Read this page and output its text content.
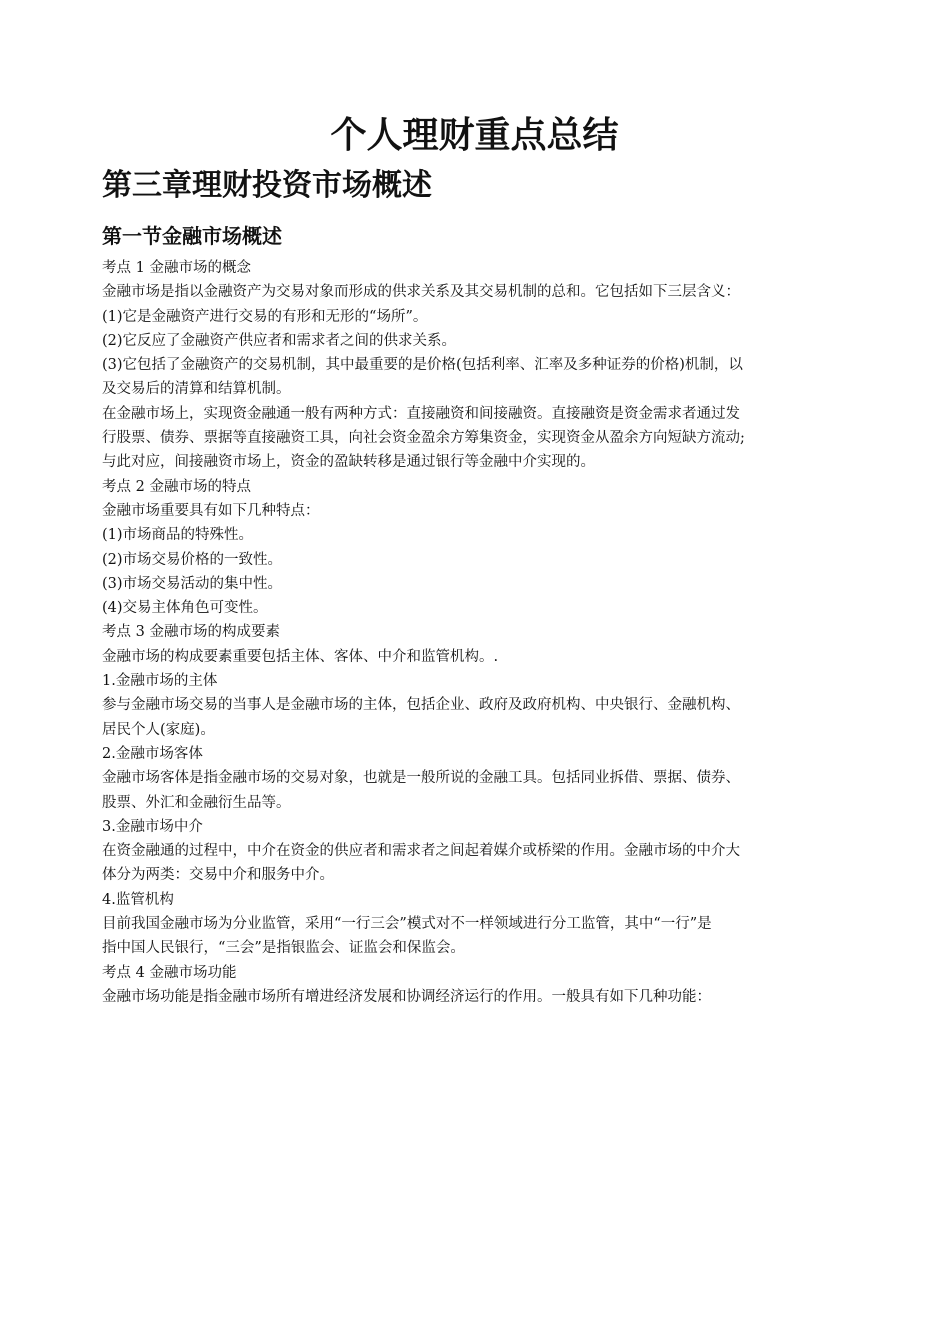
个人理财重点总结
第三章理财投资市场概述
第一节金融市场概述

考点 1 金融市场的概念

金融市场是指以金融资产为交易对象而形成的供求关系及其交易机制的总和。它包括如下三层含义：

(1)它是金融资产进行交易的有形和无形的“场所”。

(2)它反应了金融资产供应者和需求者之间的供求关系。

(3)它包括了金融资产的交易机制，其中最重要的是价格(包括利率、汇率及多种证券的价格)机制，以

及交易后的清算和结算机制。

在金融市场上，实现资金融通一般有两种方式：直接融资和间接融资。直接融资是资金需求者通过发

行股票、债券、票据等直接融资工具，向社会资金盈余方筹集资金，实现资金从盈余方向短缺方流动;

与此对应，间接融资市场上，资金的盈缺转移是通过银行等金融中介实现的。

考点 2 金融市场的特点

金融市场重要具有如下几种特点：

(1)市场商品的特殊性。

(2)市场交易价格的一致性。

(3)市场交易活动的集中性。

(4)交易主体角色可变性。

考点 3 金融市场的构成要素

金融市场的构成要素重要包括主体、客体、中介和监管机构。.

1.金融市场的主体

参与金融市场交易的当事人是金融市场的主体，包括企业、政府及政府机构、中央银行、金融机构、

居民个人(家庭)。

2.金融市场客体

金融市场客体是指金融市场的交易对象，也就是一般所说的金融工具。包括同业拆借、票据、债券、

股票、外汇和金融衍生品等。

3.金融市场中介

在资金融通的过程中，中介在资金的供应者和需求者之间起着媒介或桥梁的作用。金融市场的中介大

体分为两类：交易中介和服务中介。

4.监管机构

目前我国金融市场为分业监管，采用“一行三会”模式对不一样领域进行分工监管，其中“一行”是

指中国人民银行，“三会”是指银监会、证监会和保监会。

考点 4 金融市场功能

金融市场功能是指金融市场所有增进经济发展和协调经济运行的作用。一般具有如下几种功能：
